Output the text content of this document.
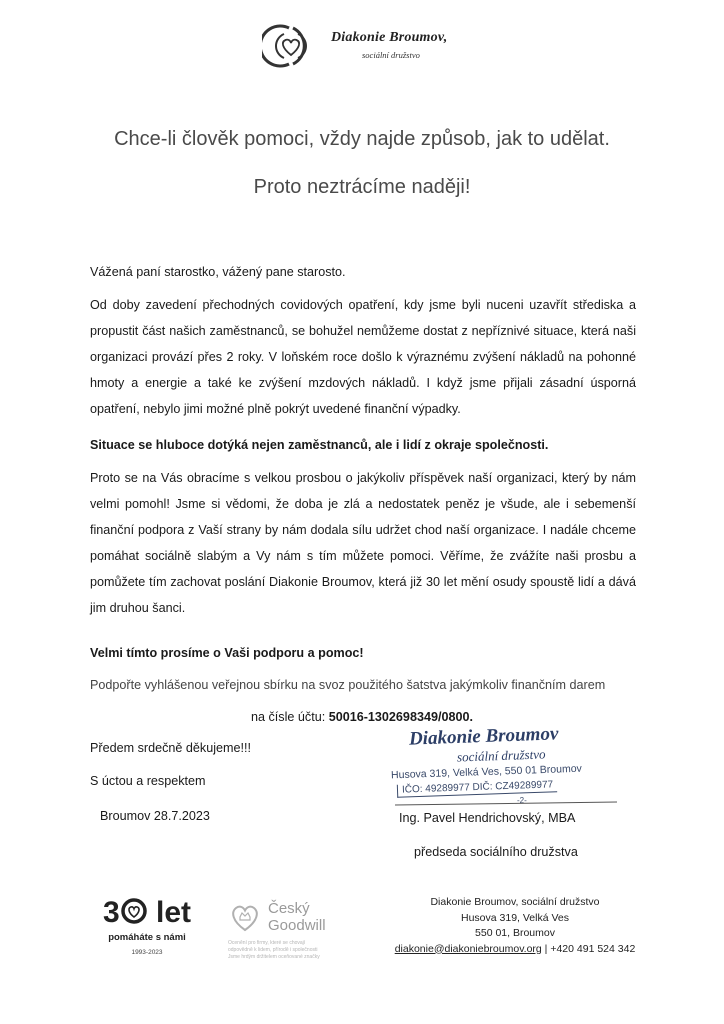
Diakonie Broumov,
sociální družstvo
Chce-li člověk pomoci, vždy najde způsob, jak to udělat.
Proto neztrácíme naději!

Vážená paní starostko, vážený pane starosto.

Od doby zavedení přechodných covidových opatření, kdy jsme byli nuceni uzavřít střediska a propustit část našich zaměstnanců, se bohužel nemůžeme dostat z nepříznivé situace, která naši organizaci provází přes 2 roky. V loňském roce došlo k výraznému zvýšení nákladů na pohonné hmoty a energie a také ke zvýšení mzdových nákladů. I když jsme přijali zásadní úsporná opatření, nebylo jimi možné plně pokrýt uvedené finanční výpadky.

Situace se hluboce dotýká nejen zaměstnanců, ale i lidí z okraje společnosti.

Proto se na Vás obracíme s velkou prosbou o jakýkoliv příspěvek naší organizaci, který by nám velmi pomohl! Jsme si vědomi, že doba je zlá a nedostatek peněz je všude, ale i sebemenší finanční podpora z Vaší strany by nám dodala sílu udržet chod naší organizace. I nadále chceme pomáhat sociálně slabým a Vy nám s tím můžete pomoci. Věříme, že zvážíte naši prosbu a pomůžete tím zachovat poslání Diakonie Broumov, která již 30 let mění osudy spoustě lidí a dává jim druhou šanci.

Velmi tímto prosíme o Vaši podporu a pomoc!

Podpořte vyhlášenou veřejnou sbírku na svoz použitého šatstva jakýmkoliv finančním darem

na čísle účtu: 50016-1302698349/0800.

Předem srdečně děkujeme!!!
S úctou a respektem
Broumov 28.7.2023
Diakonie Broumov
sociální družstvo
Husova 319, Velká Ves, 550 01 Broumov
IČO: 49289977 DIČ: CZ49289977
-2-
Ing. Pavel Hendrichovský, MBA
předseda sociálního družstva
3 let
pomáháte s námi
1993-2023
Český
Goodwill
Ocenění pro firmy, které se chovají
odpovědně k lidem, přírodě i společnosti
Jsme hrdým držitelem oceňované značky
Diakonie Broumov, sociální družstvo
Husova 319, Velká Ves
550 01, Broumov
diakonie@diakoniebroumov.org | +420 491 524 342
